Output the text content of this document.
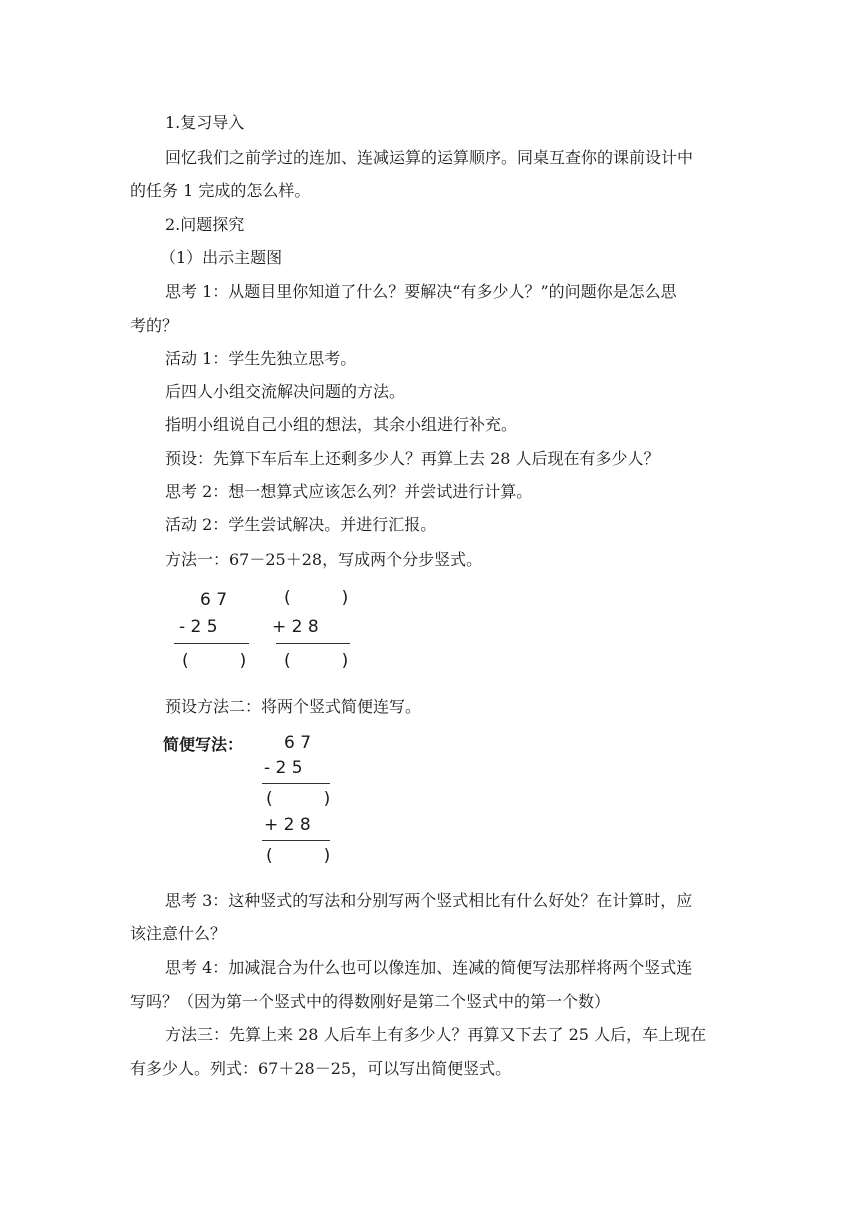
1.复习导入

回忆我们之前学过的连加、连减运算的运算顺序。同桌互查你的课前设计中

的任务 1 完成的怎么样。

2.问题探究

（1）出示主题图

思考 1：从题目里你知道了什么？要解决“有多少人？”的问题你是怎么思

考的？

活动 1：学生先独立思考。

后四人小组交流解决问题的方法。

指明小组说自己小组的想法，其余小组进行补充。

预设：先算下车后车上还剩多少人？再算上去 28 人后现在有多少人？

思考 2：想一想算式应该怎么列？并尝试进行计算。

活动 2：学生尝试解决。并进行汇报。

方法一：67－25＋28，写成两个分步竖式。

6 7
- 2 5
(　　　)
(　　　)
+ 2 8
(　　　)

预设方法二：将两个竖式简便连写。

简便写法： 6 7
- 2 5
(　　　)
+ 2 8
(　　　)

思考 3：这种竖式的写法和分别写两个竖式相比有什么好处？在计算时，应

该注意什么？

思考 4：加减混合为什么也可以像连加、连减的简便写法那样将两个竖式连

写吗？（因为第一个竖式中的得数刚好是第二个竖式中的第一个数）

方法三：先算上来 28 人后车上有多少人？再算又下去了 25 人后，车上现在

有多少人。列式：67＋28－25，可以写出简便竖式。
